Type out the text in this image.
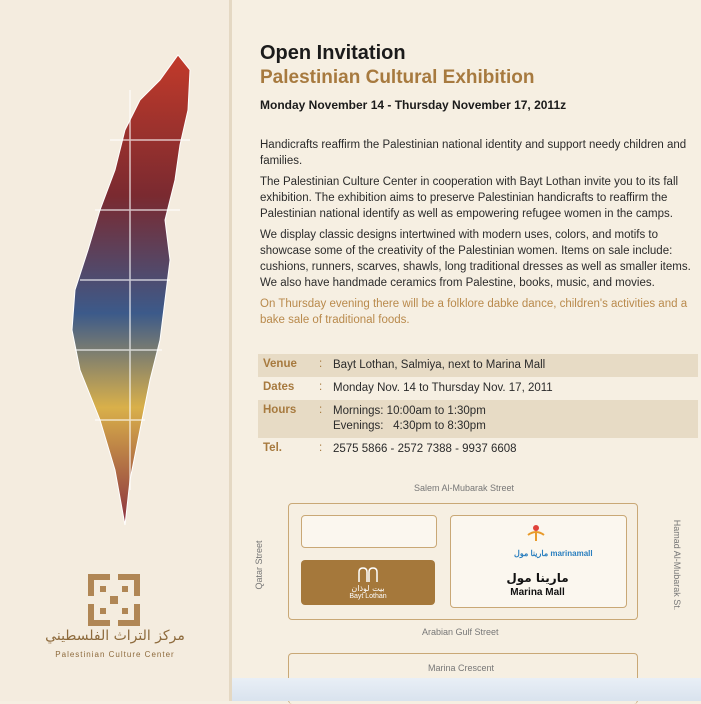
مركز التراث الفلسطيني
Palestinian Culture Center
Open Invitation
Palestinian Cultural Exhibition
Monday November 14 - Thursday November 17, 2011z

Handicrafts reaffirm the Palestinian national identity and support needy children and families.

The Palestinian Culture Center in cooperation with Bayt Lothan invite you to its fall exhibition. The exhibition aims to preserve Palestinian handicrafts to reaffirm the Palestinian national identify as well as empowering refugee women in the camps.

We display classic designs intertwined with modern uses, colors, and motifs to showcase some of the creativity of the Palestinian women. Items on sale include: cushions, runners, scarves, shawls, long traditional dresses as well as smaller items. We also have handmade ceramics from Palestine, books, music, and movies.

On Thursday evening there will be a folklore dabke dance, children's activities and a bake sale of traditional foods.

Venue	: Bayt Lothan, Salmiya, next to Marina Mall
Dates	: Monday Nov. 14 to Thursday Nov. 17, 2011
Hours	: Mornings: 10:00am to 1:30pm
Evenings:   4:30pm to 8:30pm
Tel.	: 2575 5866 - 2572 7388 - 9937 6608
Salem Al-Mubarak Street
Qatar Street	Hamad Al-Mubarak St.
Arabian Gulf Street
بيت لوذان
Bayt Lothan
مارينا مول marinamall
مارينا مول
Marina Mall
Marina Crescent
